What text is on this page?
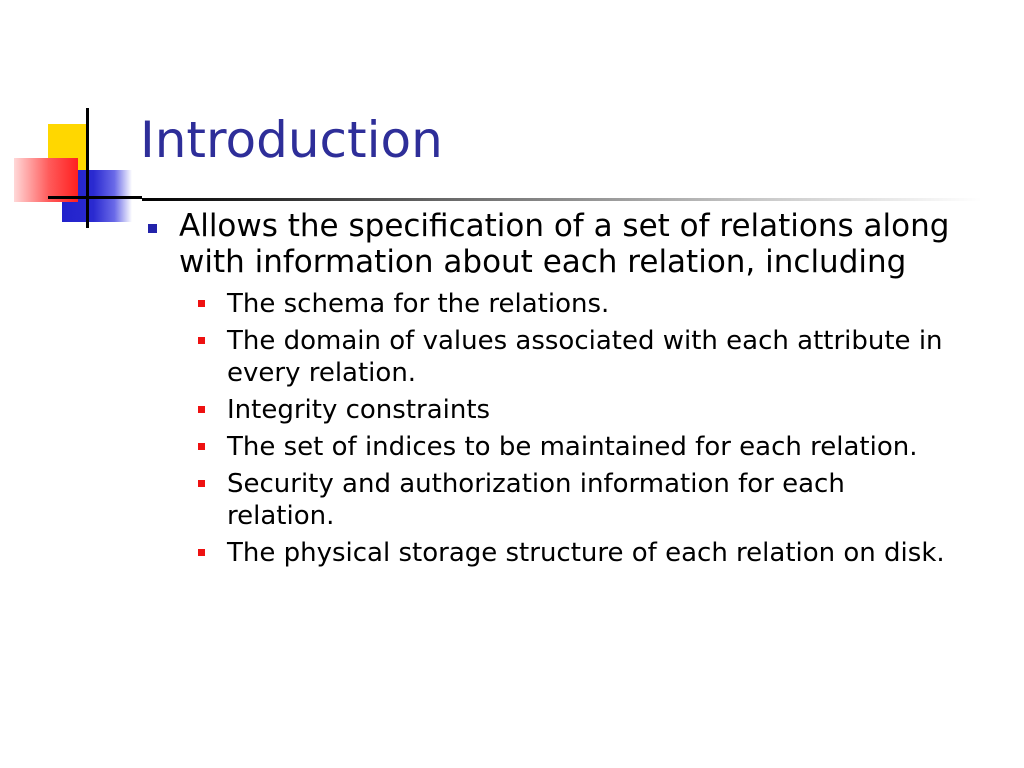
Introduction
Allows the specification of a set of relations along with information about each relation, including
The schema for the relations.
The domain of values associated with each attribute in every relation.
Integrity constraints
The set of indices to be maintained for each relation.
Security and authorization information for each relation.
The physical storage structure of each relation on disk.
